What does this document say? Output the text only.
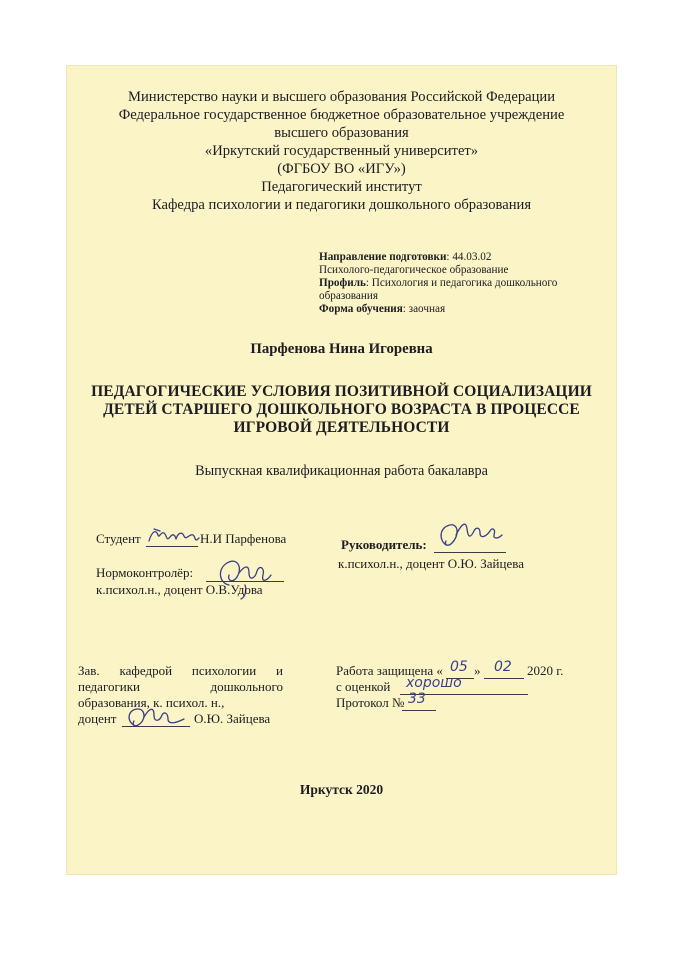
Министерство науки и высшего образования Российской Федерации
Федеральное государственное бюджетное образовательное учреждение
высшего образования
«Иркутский государственный университет»
(ФГБОУ ВО «ИГУ»)
Педагогический институт
Кафедра психологии и педагогики дошкольного образования
Направление подготовки: 44.03.02
Психолого-педагогическое образование
Профиль: Психология и педагогика дошкольного
образования
Форма обучения: заочная
Парфенова Нина Игоревна
ПЕДАГОГИЧЕСКИЕ УСЛОВИЯ ПОЗИТИВНОЙ СОЦИАЛИЗАЦИИ
ДЕТЕЙ СТАРШЕГО ДОШКОЛЬНОГО ВОЗРАСТА В ПРОЦЕССЕ
ИГРОВОЙ ДЕЯТЕЛЬНОСТИ
Выпускная квалификационная работа бакалавра
Студент	Н.И Парфенова	Руководитель:
к.психол.н., доцент О.Ю. Зайцева
Нормоконтролёр:
к.психол.н., доцент О.В.Удова
Зав. кафедрой психологии и
педагогики дошкольного
образования, к. психол. н.,
доцент	О.Ю. Зайцева
Работа защищена « 05 » 02 2020 г.
с оценкой хорошо
Протокол № 33
Иркутск 2020
